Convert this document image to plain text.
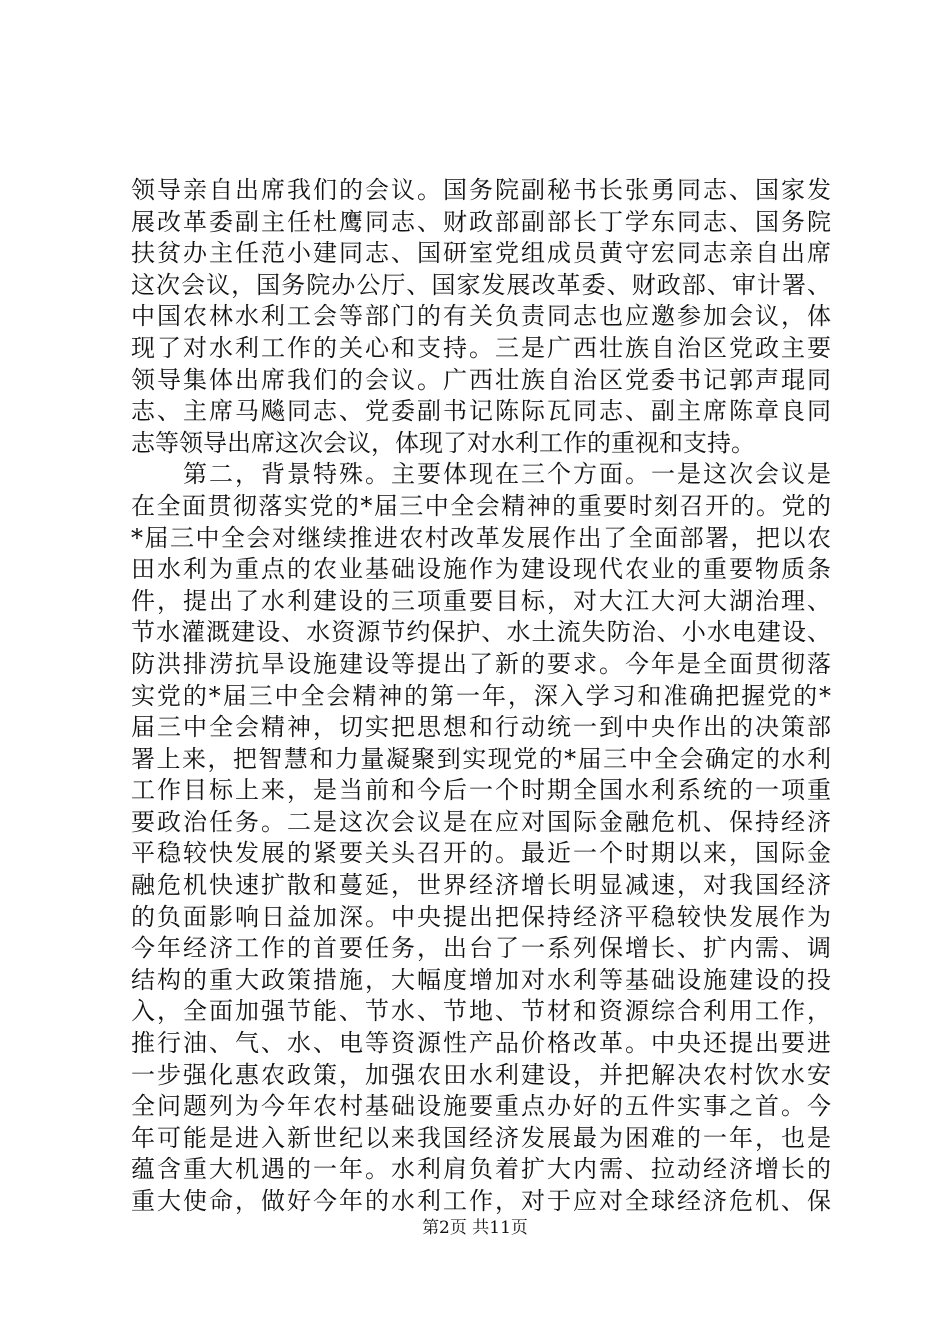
领导亲自出席我们的会议。国务院副秘书长张勇同志、国家发
展改革委副主任杜鹰同志、财政部副部长丁学东同志、国务院
扶贫办主任范小建同志、国研室党组成员黄守宏同志亲自出席
这次会议，国务院办公厅、国家发展改革委、财政部、审计署、
中国农林水利工会等部门的有关负责同志也应邀参加会议，体
现了对水利工作的关心和支持。三是广西壮族自治区党政主要
领导集体出席我们的会议。广西壮族自治区党委书记郭声琨同
志、主席马飚同志、党委副书记陈际瓦同志、副主席陈章良同
志等领导出席这次会议，体现了对水利工作的重视和支持。
　　第二，背景特殊。主要体现在三个方面。一是这次会议是
在全面贯彻落实党的*届三中全会精神的重要时刻召开的。党的
*届三中全会对继续推进农村改革发展作出了全面部署，把以农
田水利为重点的农业基础设施作为建设现代农业的重要物质条
件，提出了水利建设的三项重要目标，对大江大河大湖治理、
节水灌溉建设、水资源节约保护、水土流失防治、小水电建设、
防洪排涝抗旱设施建设等提出了新的要求。今年是全面贯彻落
实党的*届三中全会精神的第一年，深入学习和准确把握党的*
届三中全会精神，切实把思想和行动统一到中央作出的决策部
署上来，把智慧和力量凝聚到实现党的*届三中全会确定的水利
工作目标上来，是当前和今后一个时期全国水利系统的一项重
要政治任务。二是这次会议是在应对国际金融危机、保持经济
平稳较快发展的紧要关头召开的。最近一个时期以来，国际金
融危机快速扩散和蔓延，世界经济增长明显减速，对我国经济
的负面影响日益加深。中央提出把保持经济平稳较快发展作为
今年经济工作的首要任务，出台了一系列保增长、扩内需、调
结构的重大政策措施，大幅度增加对水利等基础设施建设的投
入，全面加强节能、节水、节地、节材和资源综合利用工作，
推行油、气、水、电等资源性产品价格改革。中央还提出要进
一步强化惠农政策，加强农田水利建设，并把解决农村饮水安
全问题列为今年农村基础设施要重点办好的五件实事之首。今
年可能是进入新世纪以来我国经济发展最为困难的一年，也是
蕴含重大机遇的一年。水利肩负着扩大内需、拉动经济增长的
重大使命，做好今年的水利工作，对于应对全球经济危机、保
第2页 共11页
